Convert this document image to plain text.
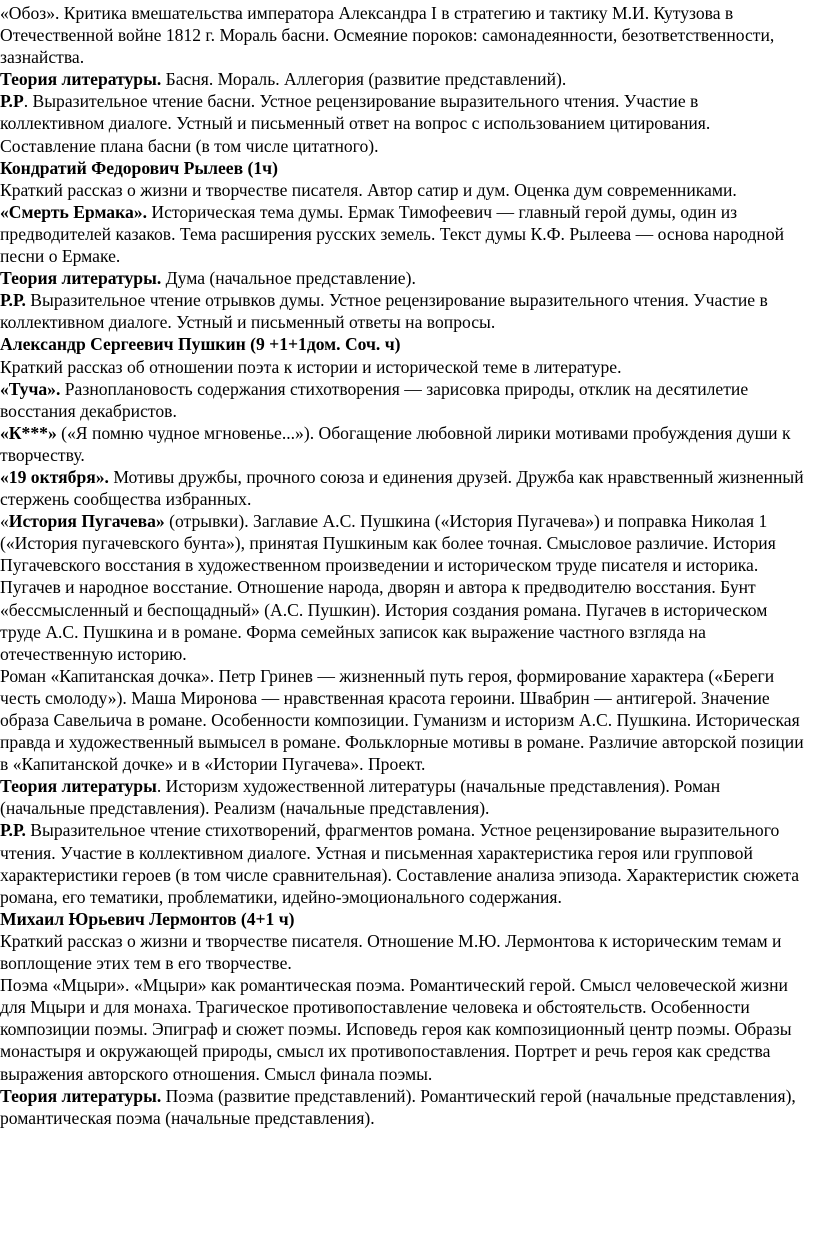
«Обоз». Критика вмешательства императора Александра I в стратегию и тактику М.И. Кутузова в Отечественной войне 1812 г. Мораль басни. Осмеяние пороков: самонадеянности, безответственности, зазнайства.

Теория литературы. Басня. Мораль. Аллегория (развитие представлений).

Р.Р. Выразительное чтение басни. Устное рецензирование выразительного чтения. Участие в коллективном диалоге. Устный и письменный ответ на вопрос с использованием цитирования. Составление плана басни (в том числе цитатного).

Кондратий Федорович Рылеев (1ч)

Краткий рассказ о жизни и творчестве писателя. Автор сатир и дум. Оценка дум современниками.

«Смерть Ермака». Историческая тема думы. Ермак Тимофеевич — главный герой думы, один из предводителей казаков. Тема расширения русских земель. Текст думы К.Ф. Рылеева — основа народной песни о Ермаке.

Теория литературы. Дума (начальное представление).

Р.Р. Выразительное чтение отрывков думы. Устное рецензирование выразительного чтения. Участие в коллективном диалоге. Устный и письменный ответы на вопросы.

Александр Сергеевич Пушкин (9 +1+1дом. Соч. ч)

Краткий рассказ об отношении поэта к истории и исторической теме в литературе.

«Туча». Разноплановость содержания стихотворения — зарисовка природы, отклик на десятилетие восстания декабристов.

«К***» («Я помню чудное мгновенье...»). Обогащение любовной лирики мотивами пробуждения души к творчеству.

«19 октября». Мотивы дружбы, прочного союза и единения друзей. Дружба как нравственный жизненный стержень сообщества избранных.

«История Пугачева» (отрывки). Заглавие А.С. Пушкина («История Пугачева») и поправка Николая 1 («История пугачевского бунта»), принятая Пушкиным как более точная. Смысловое различие. История Пугачевского восстания в художественном произведении и историческом труде писателя и историка. Пугачев и народное восстание. Отношение народа, дворян и автора к предводителю восстания. Бунт «бессмысленный и беспощадный» (А.С. Пушкин). История создания романа. Пугачев в историческом труде А.С. Пушкина и в романе. Форма семейных записок как выражение частного взгляда на отечественную историю.

Роман «Капитанская дочка». Петр Гринев — жизненный путь героя, формирование характера («Береги честь смолоду»). Маша Миронова — нравственная красота героини. Швабрин — антигерой. Значение образа Савельича в романе. Особенности композиции. Гуманизм и историзм А.С. Пушкина. Историческая правда и художественный вымысел в романе. Фольклорные мотивы в романе. Различие авторской позиции в «Капитанской дочке» и в «Истории Пугачева». Проект.

Теория литературы. Историзм художественной литературы (начальные представления). Роман (начальные представления). Реализм (начальные представления).

Р.Р. Выразительное чтение стихотворений, фрагментов романа. Устное рецензирование выразительного чтения. Участие в коллективном диалоге. Устная и письменная характеристика героя или групповой характеристики героев (в том числе сравнительная). Составление анализа эпизода. Характеристик сюжета романа, его тематики, проблематики, идейно-эмоционального содержания.

Михаил Юрьевич Лермонтов (4+1 ч)

Краткий рассказ о жизни и творчестве писателя. Отношение М.Ю. Лермонтова к историческим темам и воплощение этих тем в его творчестве.

Поэма «Мцыри». «Мцыри» как романтическая поэма. Романтический герой. Смысл человеческой жизни для Мцыри и для монаха. Трагическое противопоставление человека и обстоятельств. Особенности композиции поэмы. Эпиграф и сюжет поэмы. Исповедь героя как композиционный центр поэмы. Образы монастыря и окружающей природы, смысл их противопоставления. Портрет и речь героя как средства выражения авторского отношения. Смысл финала поэмы.

Теория литературы. Поэма (развитие представлений). Романтический герой (начальные представления), романтическая поэма (начальные представления).
